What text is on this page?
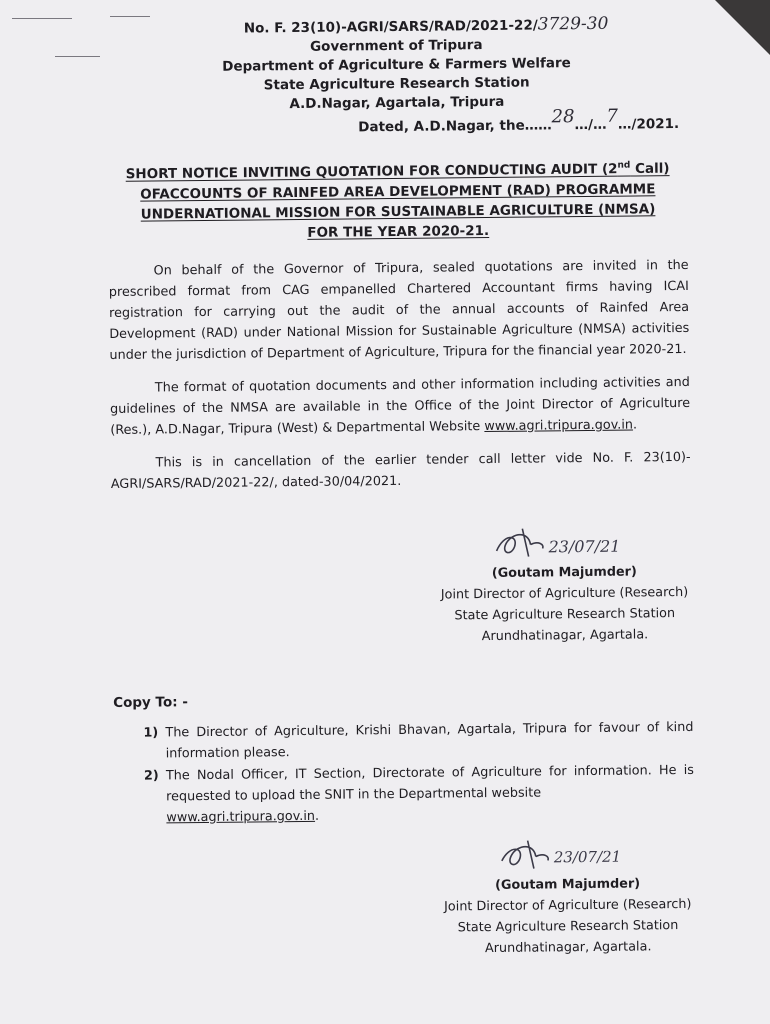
No. F. 23(10)-AGRI/SARS/RAD/2021-22/3729-30
Government of Tripura
Department of Agriculture & Farmers Welfare
State Agriculture Research Station
A.D.Nagar, Agartala, Tripura
Dated, A.D.Nagar, the……28…/…7…/2021.
SHORT NOTICE INVITING QUOTATION FOR CONDUCTING AUDIT (2nd Call)
OFACCOUNTS OF RAINFED AREA DEVELOPMENT (RAD) PROGRAMME
UNDERNATIONAL MISSION FOR SUSTAINABLE AGRICULTURE (NMSA)
FOR THE YEAR 2020-21.
On behalf of the Governor of Tripura, sealed quotations are invited in the prescribed format from CAG empanelled Chartered Accountant firms having ICAI registration for carrying out the audit of the annual accounts of Rainfed Area Development (RAD) under National Mission for Sustainable Agriculture (NMSA) activities under the jurisdiction of Department of Agriculture, Tripura for the financial year 2020-21.
The format of quotation documents and other information including activities and guidelines of the NMSA are available in the Office of the Joint Director of Agriculture (Res.), A.D.Nagar, Tripura (West) & Departmental Website www.agri.tripura.gov.in.
This is in cancellation of the earlier tender call letter vide No. F. 23(10)-AGRI/SARS/RAD/2021-22/, dated-30/04/2021.
23/07/21
(Goutam Majumder)
Joint Director of Agriculture (Research)
State Agriculture Research Station
Arundhatinagar, Agartala.
Copy To: -
1) The Director of Agriculture, Krishi Bhavan, Agartala, Tripura for favour of kind information please.
2) The Nodal Officer, IT Section, Directorate of Agriculture for information. He is requested to upload the SNIT in the Departmental website
www.agri.tripura.gov.in.
23/07/21
(Goutam Majumder)
Joint Director of Agriculture (Research)
State Agriculture Research Station
Arundhatinagar, Agartala.
